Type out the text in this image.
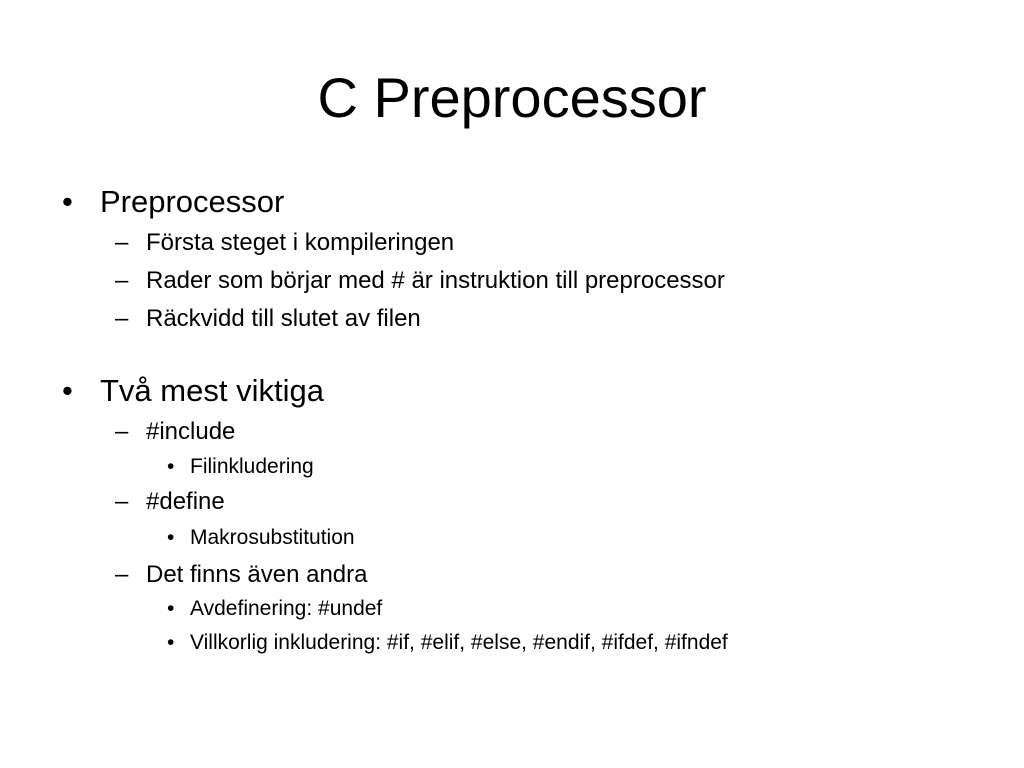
C Preprocessor
• Preprocessor
– Första steget i kompileringen
– Rader som börjar med # är instruktion till preprocessor
– Räckvidd till slutet av filen
• Två mest viktiga
– #include
• Filinkludering
– #define
• Makrosubstitution
– Det finns även andra
• Avdefinering: #undef
• Villkorlig inkludering: #if, #elif, #else, #endif, #ifdef, #ifndef
